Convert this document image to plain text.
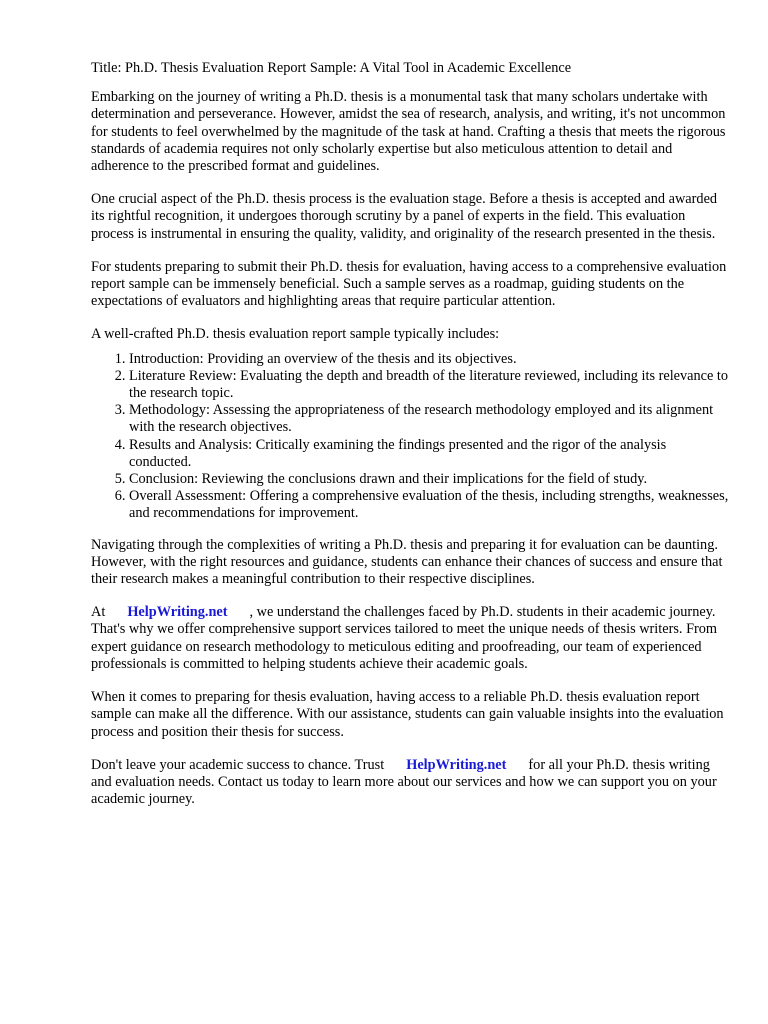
Title: Ph.D. Thesis Evaluation Report Sample: A Vital Tool in Academic Excellence

Embarking on the journey of writing a Ph.D. thesis is a monumental task that many scholars undertake with determination and perseverance. However, amidst the sea of research, analysis, and writing, it's not uncommon for students to feel overwhelmed by the magnitude of the task at hand. Crafting a thesis that meets the rigorous standards of academia requires not only scholarly expertise but also meticulous attention to detail and adherence to the prescribed format and guidelines.

One crucial aspect of the Ph.D. thesis process is the evaluation stage. Before a thesis is accepted and awarded its rightful recognition, it undergoes thorough scrutiny by a panel of experts in the field. This evaluation process is instrumental in ensuring the quality, validity, and originality of the research presented in the thesis.

For students preparing to submit their Ph.D. thesis for evaluation, having access to a comprehensive evaluation report sample can be immensely beneficial. Such a sample serves as a roadmap, guiding students on the expectations of evaluators and highlighting areas that require particular attention.

A well-crafted Ph.D. thesis evaluation report sample typically includes:

1. Introduction: Providing an overview of the thesis and its objectives.
2. Literature Review: Evaluating the depth and breadth of the literature reviewed, including its relevance to the research topic.
3. Methodology: Assessing the appropriateness of the research methodology employed and its alignment with the research objectives.
4. Results and Analysis: Critically examining the findings presented and the rigor of the analysis conducted.
5. Conclusion: Reviewing the conclusions drawn and their implications for the field of study.
6. Overall Assessment: Offering a comprehensive evaluation of the thesis, including strengths, weaknesses, and recommendations for improvement.

Navigating through the complexities of writing a Ph.D. thesis and preparing it for evaluation can be daunting. However, with the right resources and guidance, students can enhance their chances of success and ensure that their research makes a meaningful contribution to their respective disciplines.

At HelpWriting.net , we understand the challenges faced by Ph.D. students in their academic journey. That's why we offer comprehensive support services tailored to meet the unique needs of thesis writers. From expert guidance on research methodology to meticulous editing and proofreading, our team of experienced professionals is committed to helping students achieve their academic goals.

When it comes to preparing for thesis evaluation, having access to a reliable Ph.D. thesis evaluation report sample can make all the difference. With our assistance, students can gain valuable insights into the evaluation process and position their thesis for success.

Don't leave your academic success to chance. Trust HelpWriting.net for all your Ph.D. thesis writing and evaluation needs. Contact us today to learn more about our services and how we can support you on your academic journey.
